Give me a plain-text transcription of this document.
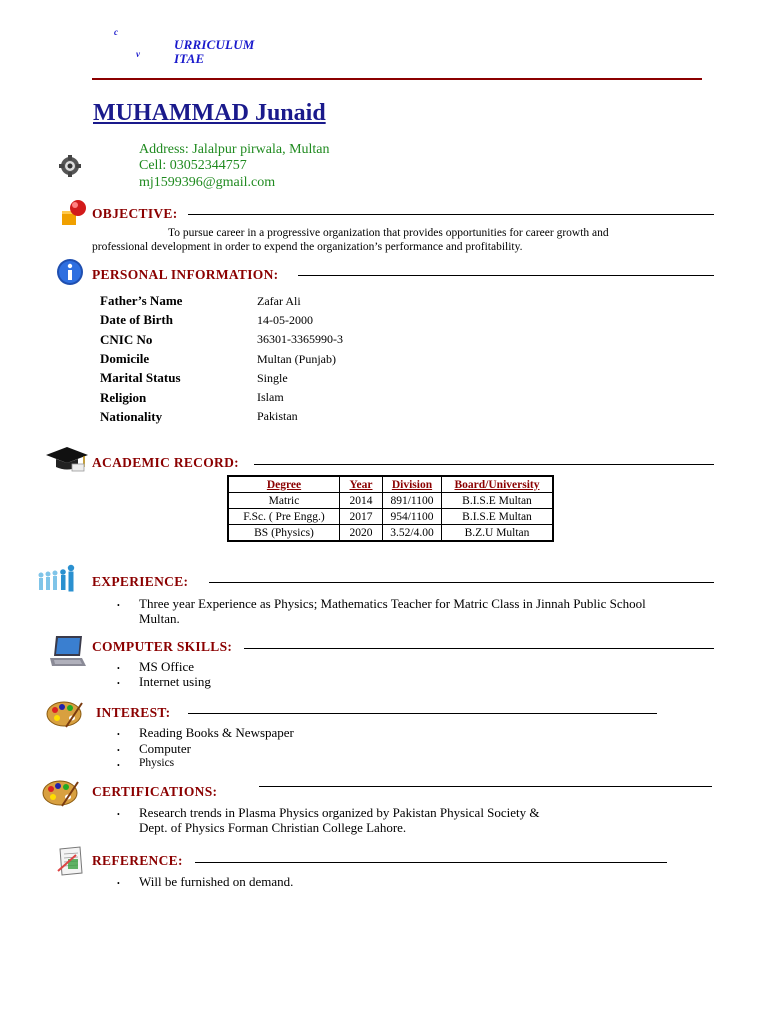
c
v
URRICULUM
ITAE
MUHAMMAD Junaid
Address: Jalalpur pirwala, Multan
Cell: 03052344757
mj1599396@gmail.com
OBJECTIVE:
To pursue career in a progressive organization that provides opportunities for career growth and
professional development in order to expend the organization’s performance and profitability.
PERSONAL INFORMATION:
Father’s Name	Zafar Ali
Date of Birth	14-05-2000
CNIC No	36301-3365990-3
Domicile	Multan (Punjab)
Marital Status	Single
Religion	Islam
Nationality	Pakistan
ACADEMIC RECORD:
Degree	Year	Division	Board/University
Matric	2014	891/1100	B.I.S.E Multan
F.Sc. ( Pre Engg.)	2017	954/1100	B.I.S.E Multan
BS (Physics)	2020	3.52/4.00	B.Z.U Multan
EXPERIENCE:
• Three year Experience as Physics; Mathematics Teacher for Matric Class in Jinnah Public School
Multan.
COMPUTER SKILLS:
• MS Office
• Internet using
INTEREST:
• Reading Books & Newspaper
• Computer
• Physics
CERTIFICATIONS:
• Research trends in Plasma Physics organized by Pakistan Physical Society &
Dept. of Physics Forman Christian College Lahore.
REFERENCE:
• Will be furnished on demand.
